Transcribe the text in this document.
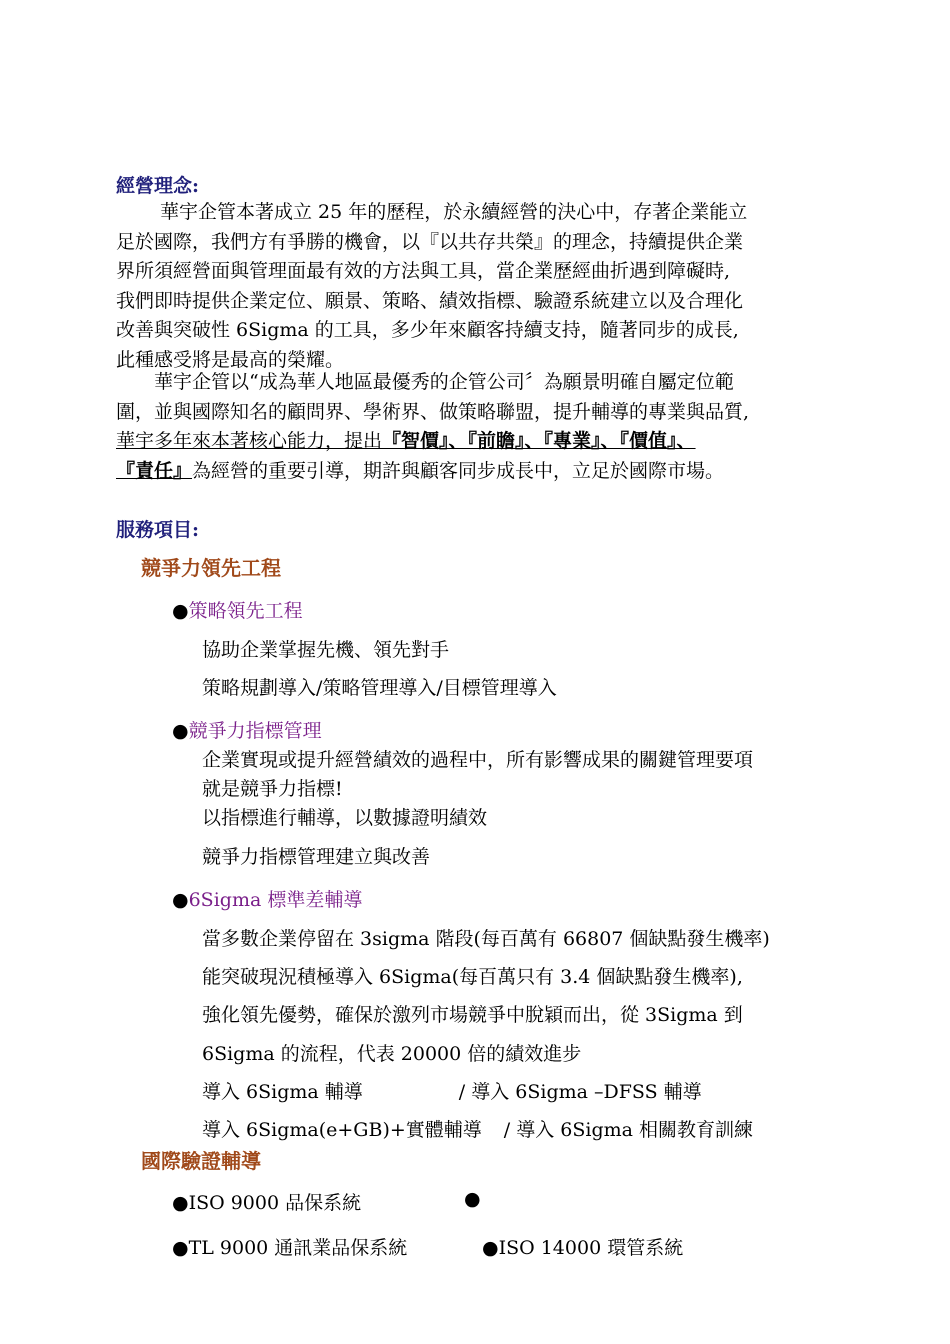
經營理念:
華宇企管本著成立 25 年的歷程，於永續經營的決心中，存著企業能立
足於國際，我們方有爭勝的機會，以『以共存共榮』的理念，持續提供企業
界所須經營面與管理面最有效的方法與工具，當企業歷經曲折遇到障礙時,
我們即時提供企業定位、願景、策略、績效指標、驗證系統建立以及合理化
改善與突破性 6Sigma 的工具，多少年來顧客持續支持，隨著同步的成長,
此種感受將是最高的榮耀。
華宇企管以“成為華人地區最優秀的企管公司〞為願景明確自屬定位範
圍，並與國際知名的顧問界、學術界、做策略聯盟，提升輔導的專業與品質,
華宇多年來本著核心能力，提出『智價』、『前瞻』、『專業』、『價值』、
『責任』為經營的重要引導，期許與顧客同步成長中，立足於國際市場。
服務項目:
競爭力領先工程
●策略領先工程
協助企業掌握先機、領先對手
策略規劃導入/策略管理導入/目標管理導入
●競爭力指標管理
企業實現或提升經營績效的過程中，所有影響成果的關鍵管理要項
就是競爭力指標!
以指標進行輔導，以數據證明績效
競爭力指標管理建立與改善
●6Sigma 標準差輔導
當多數企業停留在 3sigma 階段(每百萬有 66807 個缺點發生機率)
能突破現況積極導入 6Sigma(每百萬只有 3.4 個缺點發生機率),
強化領先優勢，確保於激列市場競爭中脫穎而出，從 3Sigma 到
6Sigma 的流程，代表 20000 倍的績效進步
導入 6Sigma 輔導	/ 導入 6Sigma –DFSS 輔導
導入 6Sigma(e+GB)+實體輔導 / 導入 6Sigma 相關教育訓練
國際驗證輔導
●ISO 9000 品保系統	●
●TL 9000 通訊業品保系統	●ISO 14000 環管系統
